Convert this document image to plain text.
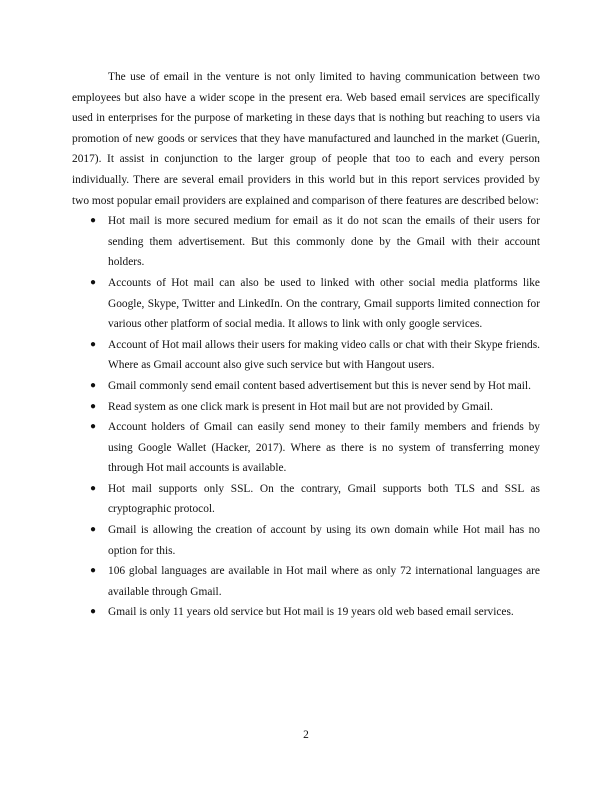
The use of email in the venture is not only limited to having communication between two employees but also have a wider scope in the present era. Web based email services are specifically used in enterprises for the purpose of marketing in these days that is nothing but reaching to users via promotion of new goods or services that they have manufactured and launched in the market (Guerin, 2017). It assist in conjunction to the larger group of people that too to each and every person individually. There are several email providers in this world but in this report services provided by two most popular email providers are explained and comparison of there features are described below:

●	Hot mail is more secured medium for email as it do not scan the emails of their users for sending them advertisement. But this commonly done by the Gmail with their account holders.
●	Accounts of Hot mail can also be used to linked with other social media platforms like Google, Skype, Twitter and LinkedIn. On the contrary, Gmail supports limited connection for various other platform of social media. It allows to link with only google services.
●	Account of Hot mail allows their users for making video calls or chat with their Skype friends. Where as Gmail account also give such service but with Hangout users.
●	Gmail commonly send email content based advertisement but this is never send by Hot mail.
●	Read system as one click mark is present in Hot mail but are not provided by Gmail.
●	Account holders of Gmail can easily send money to their family members and friends by using Google Wallet (Hacker, 2017). Where as there is no system of transferring money through Hot mail accounts is available.
●	Hot mail supports only SSL. On the contrary, Gmail supports both TLS and SSL as cryptographic protocol.
●	Gmail is allowing the creation of account by using its own domain while Hot mail has no option for this.
●	106 global languages are available in Hot mail where as only 72 international languages are available through Gmail.
●	Gmail is only 11 years old service but Hot mail is 19 years old web based email services.
2
